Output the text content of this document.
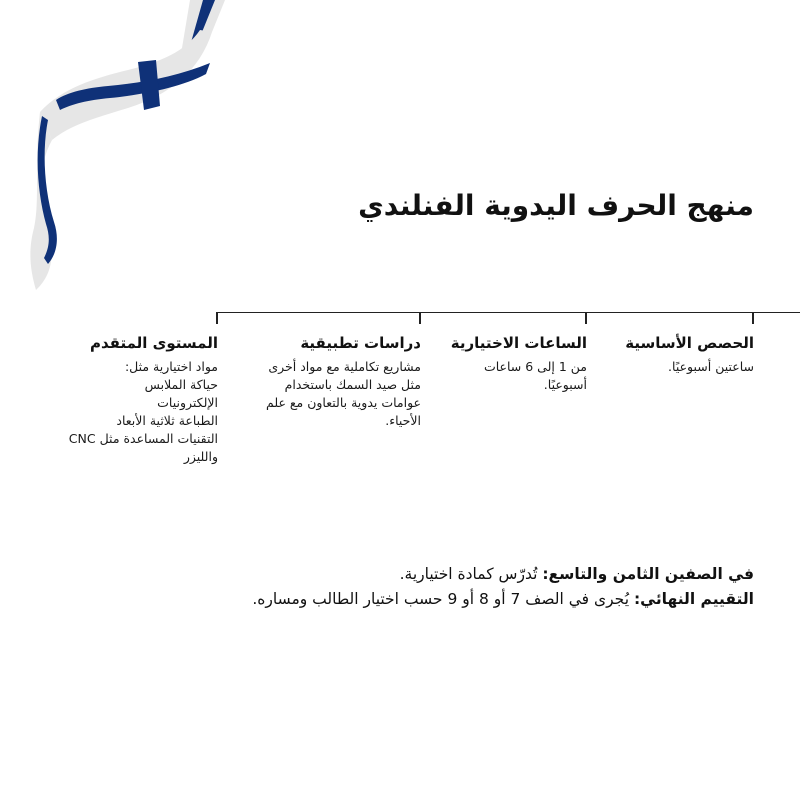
منهج الحرف اليدوية الفنلندي

الحصص الأساسية

ساعتين أسبوعيًا.

الساعات الاختيارية

من 1 إلى 6 ساعات
أسبوعيًا.

دراسات تطبيقية

مشاريع تكاملية مع مواد أخرى
مثل صيد السمك باستخدام
عوامات يدوية بالتعاون مع علم
الأحياء.

المستوى المتقدم

مواد اختيارية مثل:
حياكة الملابس
الإلكترونيات
الطباعة ثلاثية الأبعاد
التقنيات المساعدة مثل CNC
والليزر

في الصفين الثامن والتاسع: تُدرّس كمادة اختيارية.
التقييم النهائي: يُجرى في الصف 7 أو 8 أو 9 حسب اختيار الطالب ومساره.
